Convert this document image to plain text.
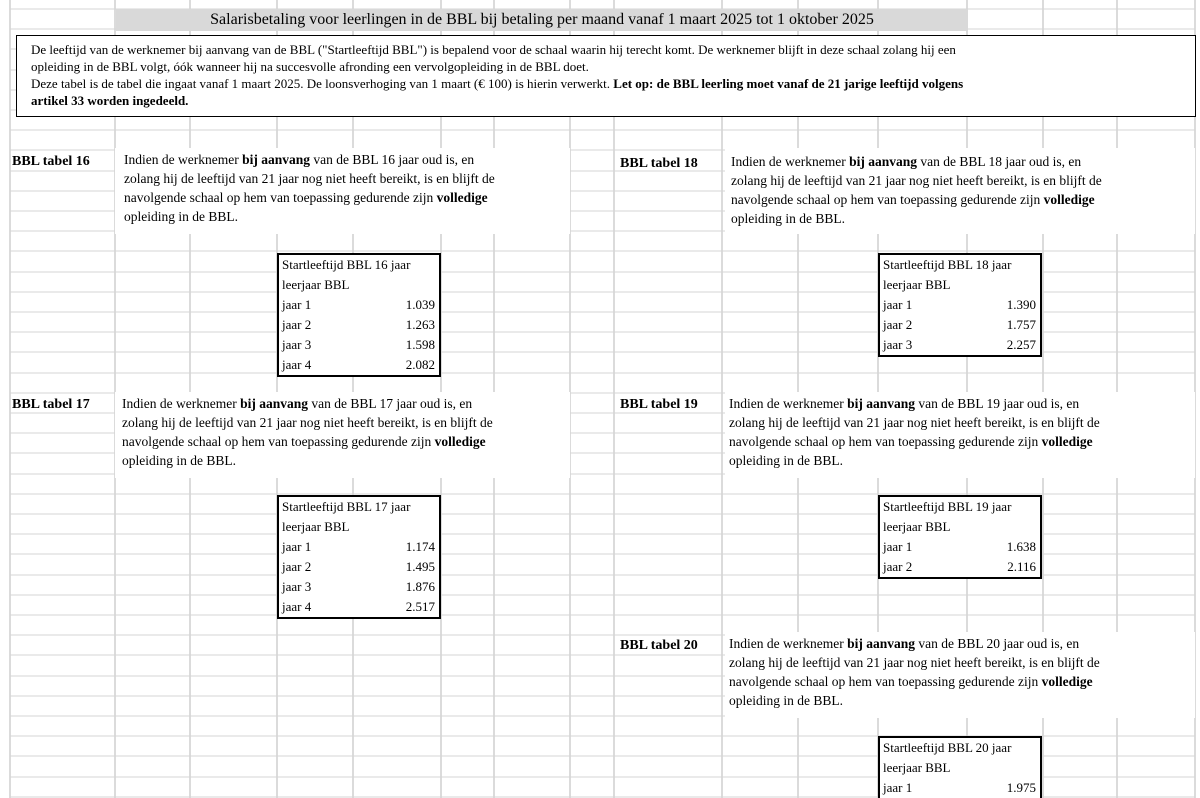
Salarisbetaling voor leerlingen in de BBL bij betaling per maand vanaf 1 maart 2025 tot 1 oktober 2025

De leeftijd van de werknemer bij aanvang van de BBL ("Startleeftijd BBL") is bepalend voor de schaal waarin hij terecht komt. De werknemer blijft in deze schaal zolang hij een

opleiding in de BBL volgt, óók wanneer hij na succesvolle afronding een vervolgopleiding in de BBL doet.

Deze tabel is de tabel die ingaat vanaf 1 maart 2025. De loonsverhoging van 1 maart (€ 100) is hierin verwerkt. Let op: de BBL leerling moet vanaf de 21 jarige leeftijd volgens

artikel 33 worden ingedeeld.

BBL tabel 16	Indien de werknemer bij aanvang van de BBL 16 jaar oud is, en
zolang hij de leeftijd van 21 jaar nog niet heeft bereikt, is en blijft de
navolgende schaal op hem van toepassing gedurende zijn volledige
opleiding in de BBL.
Startleeftijd BBL 16 jaar
leerjaar BBL
jaar 1	1.039
jaar 2	1.263
jaar 3	1.598
jaar 4	2.082
BBL tabel 17 Indien de werknemer bij aanvang van de BBL 17 jaar oud is, en
zolang hij de leeftijd van 21 jaar nog niet heeft bereikt, is en blijft de
navolgende schaal op hem van toepassing gedurende zijn volledige
opleiding in de BBL.
Startleeftijd BBL 17 jaar
leerjaar BBL
jaar 1	1.174
jaar 2	1.495
jaar 3	1.876
jaar 4	2.517
BBL tabel 18 Indien de werknemer bij aanvang van de BBL 18 jaar oud is, en
zolang hij de leeftijd van 21 jaar nog niet heeft bereikt, is en blijft de
navolgende schaal op hem van toepassing gedurende zijn volledige
opleiding in de BBL.
Startleeftijd BBL 18 jaar
leerjaar BBL
jaar 1	1.390
jaar 2	1.757
jaar 3	2.257
BBL tabel 19 Indien de werknemer bij aanvang van de BBL 19 jaar oud is, en
zolang hij de leeftijd van 21 jaar nog niet heeft bereikt, is en blijft de
navolgende schaal op hem van toepassing gedurende zijn volledige
opleiding in de BBL.
Startleeftijd BBL 19 jaar
leerjaar BBL
jaar 1	1.638
jaar 2	2.116
BBL tabel 20 Indien de werknemer bij aanvang van de BBL 20 jaar oud is, en
zolang hij de leeftijd van 21 jaar nog niet heeft bereikt, is en blijft de
navolgende schaal op hem van toepassing gedurende zijn volledige
opleiding in de BBL.
Startleeftijd BBL 20 jaar
leerjaar BBL
jaar 1	1.975
